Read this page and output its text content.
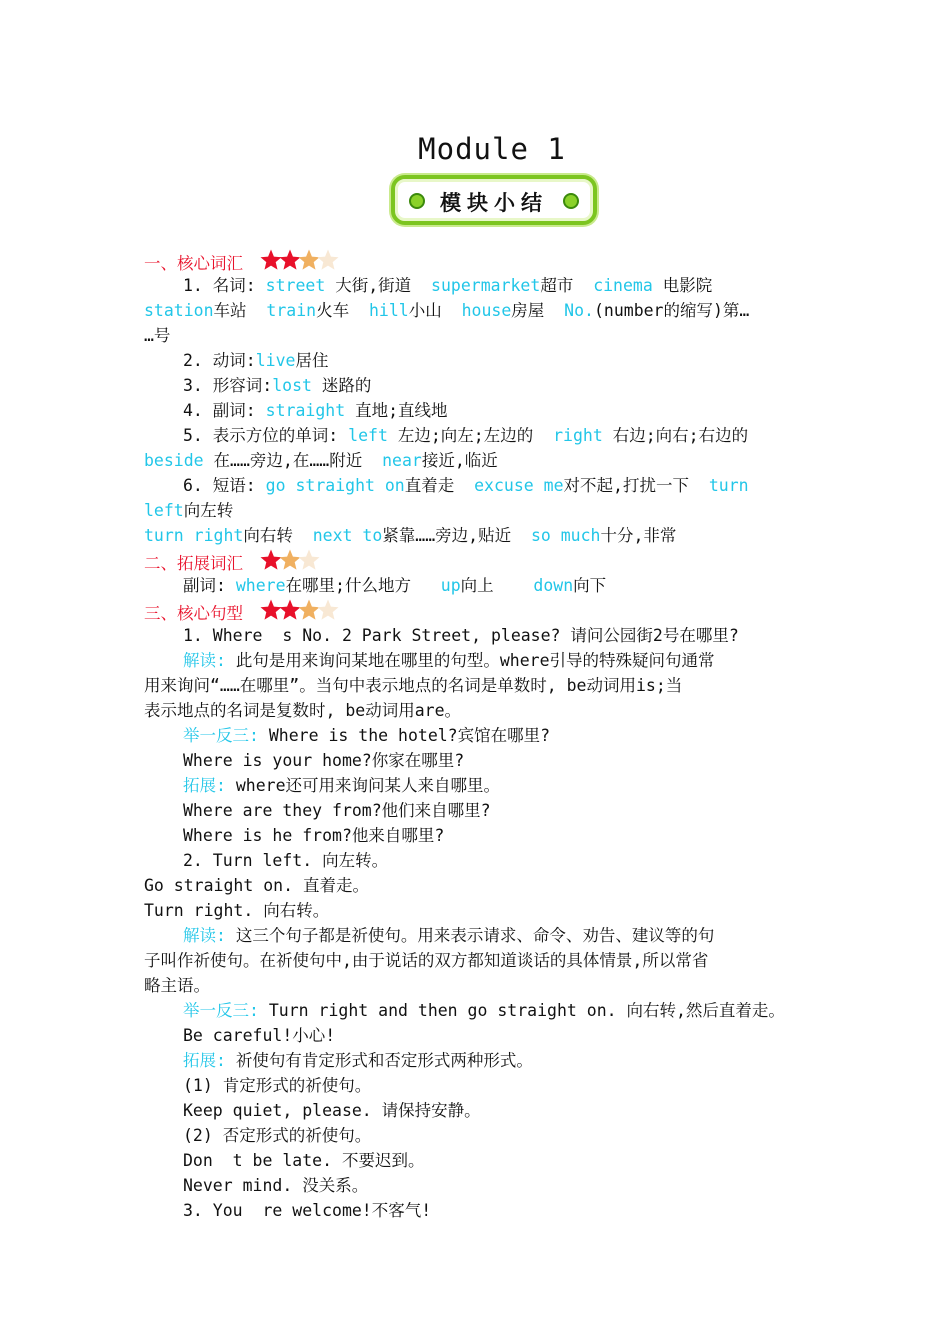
Module 1
模块小结
一、核心词汇
1. 名词: street 大街,街道  supermarket超市  cinema 电影院
station车站  train火车  hill小山  house房屋  No.(number的缩写)第…
…号
2. 动词:live居住
3. 形容词:lost 迷路的
4. 副词: straight 直地;直线地
5. 表示方位的单词: left 左边;向左;左边的  right 右边;向右;右边的
beside 在……旁边,在……附近  near接近,临近
6. 短语: go straight on直着走  excuse me对不起,打扰一下  turn
left向左转
turn right向右转  next to紧靠……旁边,贴近  so much十分,非常
二、拓展词汇
副词: where在哪里;什么地方   up向上    down向下
三、核心句型
1. Where  s No. 2 Park Street, please? 请问公园街2号在哪里?
解读: 此句是用来询问某地在哪里的句型。where引导的特殊疑问句通常
用来询问“……在哪里”。当句中表示地点的名词是单数时, be动词用is;当
表示地点的名词是复数时, be动词用are。
举一反三: Where is the hotel?宾馆在哪里?
Where is your home?你家在哪里?
拓展: where还可用来询问某人来自哪里。
Where are they from?他们来自哪里?
Where is he from?他来自哪里?
2. Turn left. 向左转。
Go straight on. 直着走。
Turn right. 向右转。
解读: 这三个句子都是祈使句。用来表示请求、命令、劝告、建议等的句
子叫作祈使句。在祈使句中,由于说话的双方都知道谈话的具体情景,所以常省
略主语。
举一反三: Turn right and then go straight on. 向右转,然后直着走。
Be careful!小心!
拓展: 祈使句有肯定形式和否定形式两种形式。
(1) 肯定形式的祈使句。
Keep quiet, please. 请保持安静。
(2) 否定形式的祈使句。
Don  t be late. 不要迟到。
Never mind. 没关系。
3. You  re welcome!不客气!
